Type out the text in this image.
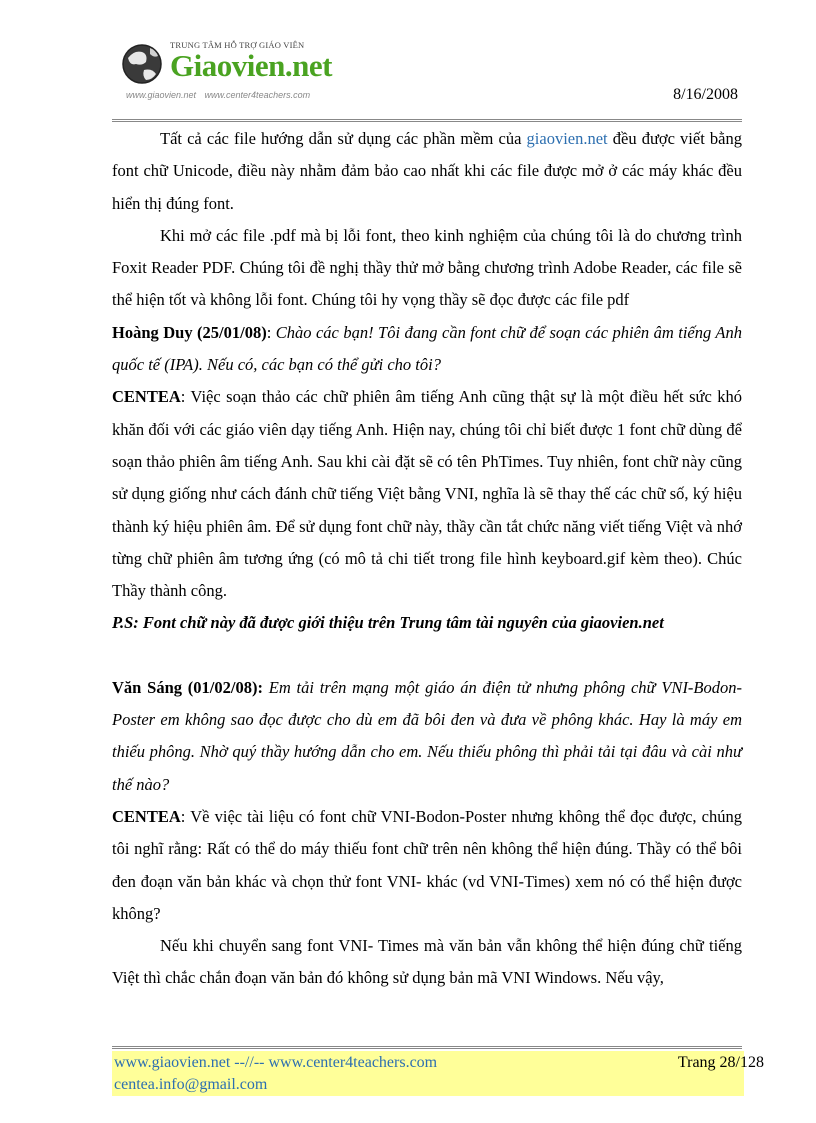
TRUNG TÂM HỖ TRỢ GIÁO VIÊN
Giaovien.net
www.giaovien.net www.center4teachers.com	8/16/2008

Tất cả các file hướng dẫn sử dụng các phần mềm của giaovien.net đều được viết bằng font chữ Unicode, điều này nhằm đảm bảo cao nhất khi các file được mở ở các máy khác đều hiển thị đúng font.

Khi mở các file .pdf mà bị lỗi font, theo kinh nghiệm của chúng tôi là do chương trình Foxit Reader PDF. Chúng tôi đề nghị thầy thử mở bằng chương trình Adobe Reader, các file sẽ thể hiện tốt và không lỗi font. Chúng tôi hy vọng thầy sẽ đọc được các file pdf

Hoàng Duy (25/01/08): Chào các bạn! Tôi đang cần font chữ để soạn các phiên âm tiếng Anh quốc tế (IPA). Nếu có, các bạn có thể gửi cho tôi?

CENTEA: Việc soạn thảo các chữ phiên âm tiếng Anh cũng thật sự là một điều hết sức khó khăn đối với các giáo viên dạy tiếng Anh. Hiện nay, chúng tôi chỉ biết được 1 font chữ dùng để soạn thảo phiên âm tiếng Anh. Sau khi cài đặt sẽ có tên PhTimes. Tuy nhiên, font chữ này cũng sử dụng giống như cách đánh chữ tiếng Việt bằng VNI, nghĩa là sẽ thay thế các chữ số, ký hiệu thành ký hiệu phiên âm. Để sử dụng font chữ này, thầy cần tắt chức năng viết tiếng Việt và nhớ từng chữ phiên âm tương ứng (có mô tả chi tiết trong file hình keyboard.gif kèm theo). Chúc Thầy thành công.

P.S: Font chữ này đã được giới thiệu trên Trung tâm tài nguyên của giaovien.net

Văn Sáng (01/02/08): Em tải trên mạng một giáo án điện tử nhưng phông chữ VNI-Bodon-Poster em không sao đọc được cho dù em đã bôi đen và đưa về phông khác. Hay là máy em thiếu phông. Nhờ quý thầy hướng dẫn cho em. Nếu thiếu phông thì phải tải tại đâu và cài như thế nào?

CENTEA: Về việc tài liệu có font chữ VNI-Bodon-Poster nhưng không thể đọc được, chúng tôi nghĩ rằng: Rất có thể do máy thiếu font chữ trên nên không thể hiện đúng. Thầy có thể bôi đen đoạn văn bản khác và chọn thử font VNI- khác (vd VNI-Times) xem nó có thể hiện được không?

Nếu khi chuyển sang font VNI- Times mà văn bản vẫn không thể hiện đúng chữ tiếng Việt thì chắc chắn đoạn văn bản đó không sử dụng bản mã VNI Windows. Nếu vậy,

www.giaovien.net --//-- www.center4teachers.com
centea.info@gmail.com
Trang 28/128
